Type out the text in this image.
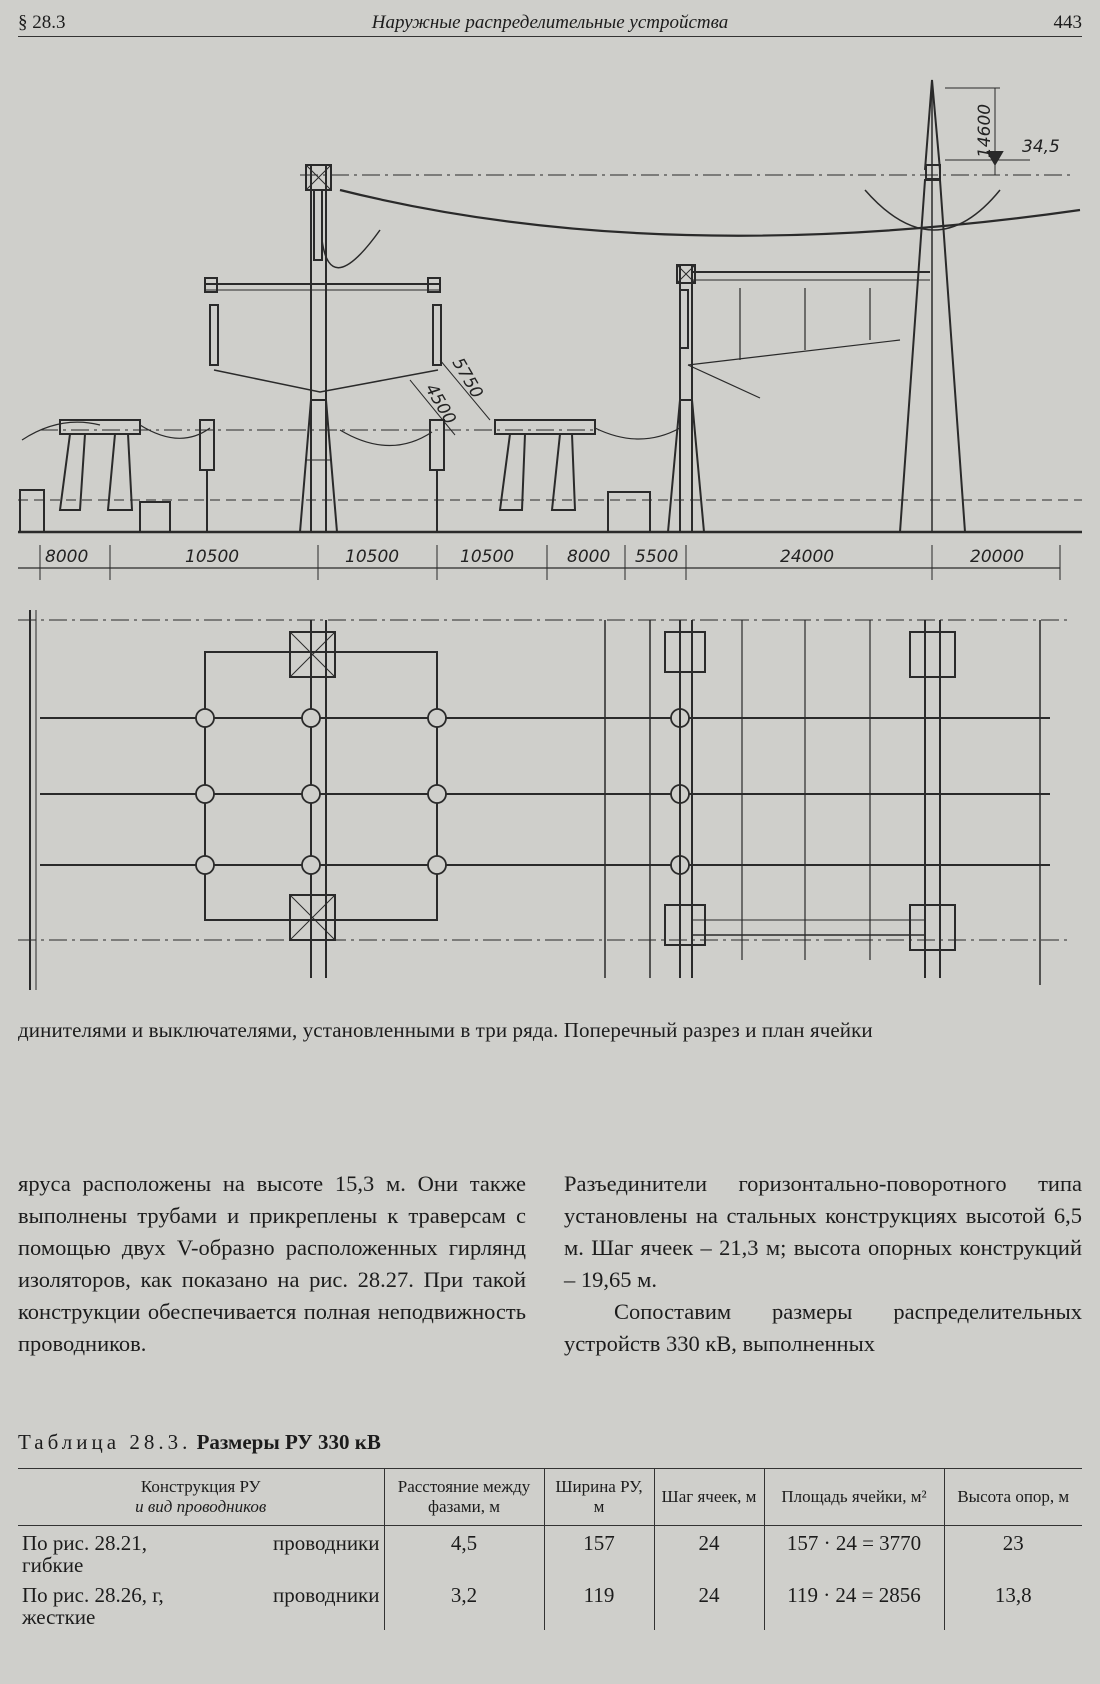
§ 28.3	Наружные распределительные устройства	443
8000	10500	10500	10500	8000 5500	24000	20000
14600 34,5
5750
4500
динителями и выключателями, установленными в три ряда. Поперечный разрез и план ячейки

яруса расположены на высоте 15,3 м. Они также выполнены трубами и прикреплены к траверсам с помощью двух V-образно расположенных гирлянд изоляторов, как показано на рис. 28.27. При такой конструкции обеспечивается полная неподвижность проводников.

Разъединители горизонтально-поворотного типа установлены на стальных конструкциях высотой 6,5 м. Шаг ячеек – 21,3 м; высота опорных конструкций – 19,65 м.

Сопоставим размеры распределительных устройств 330 кВ, выполненных

Таблица 28.3. Размеры РУ 330 кВ
Конструкция РУ
и вид проводников	Расстояние между фазами, м	Ширина РУ, м	Шаг ячеек, м	Площадь ячейки, м²	Высота опор, м

По рис. 28.21, проводники
гибкие	4,5	157	24	157 · 24 = 3770	23

По рис. 28.26, г, проводники
жесткие	3,2	119	24	119 · 24 = 2856	13,8
